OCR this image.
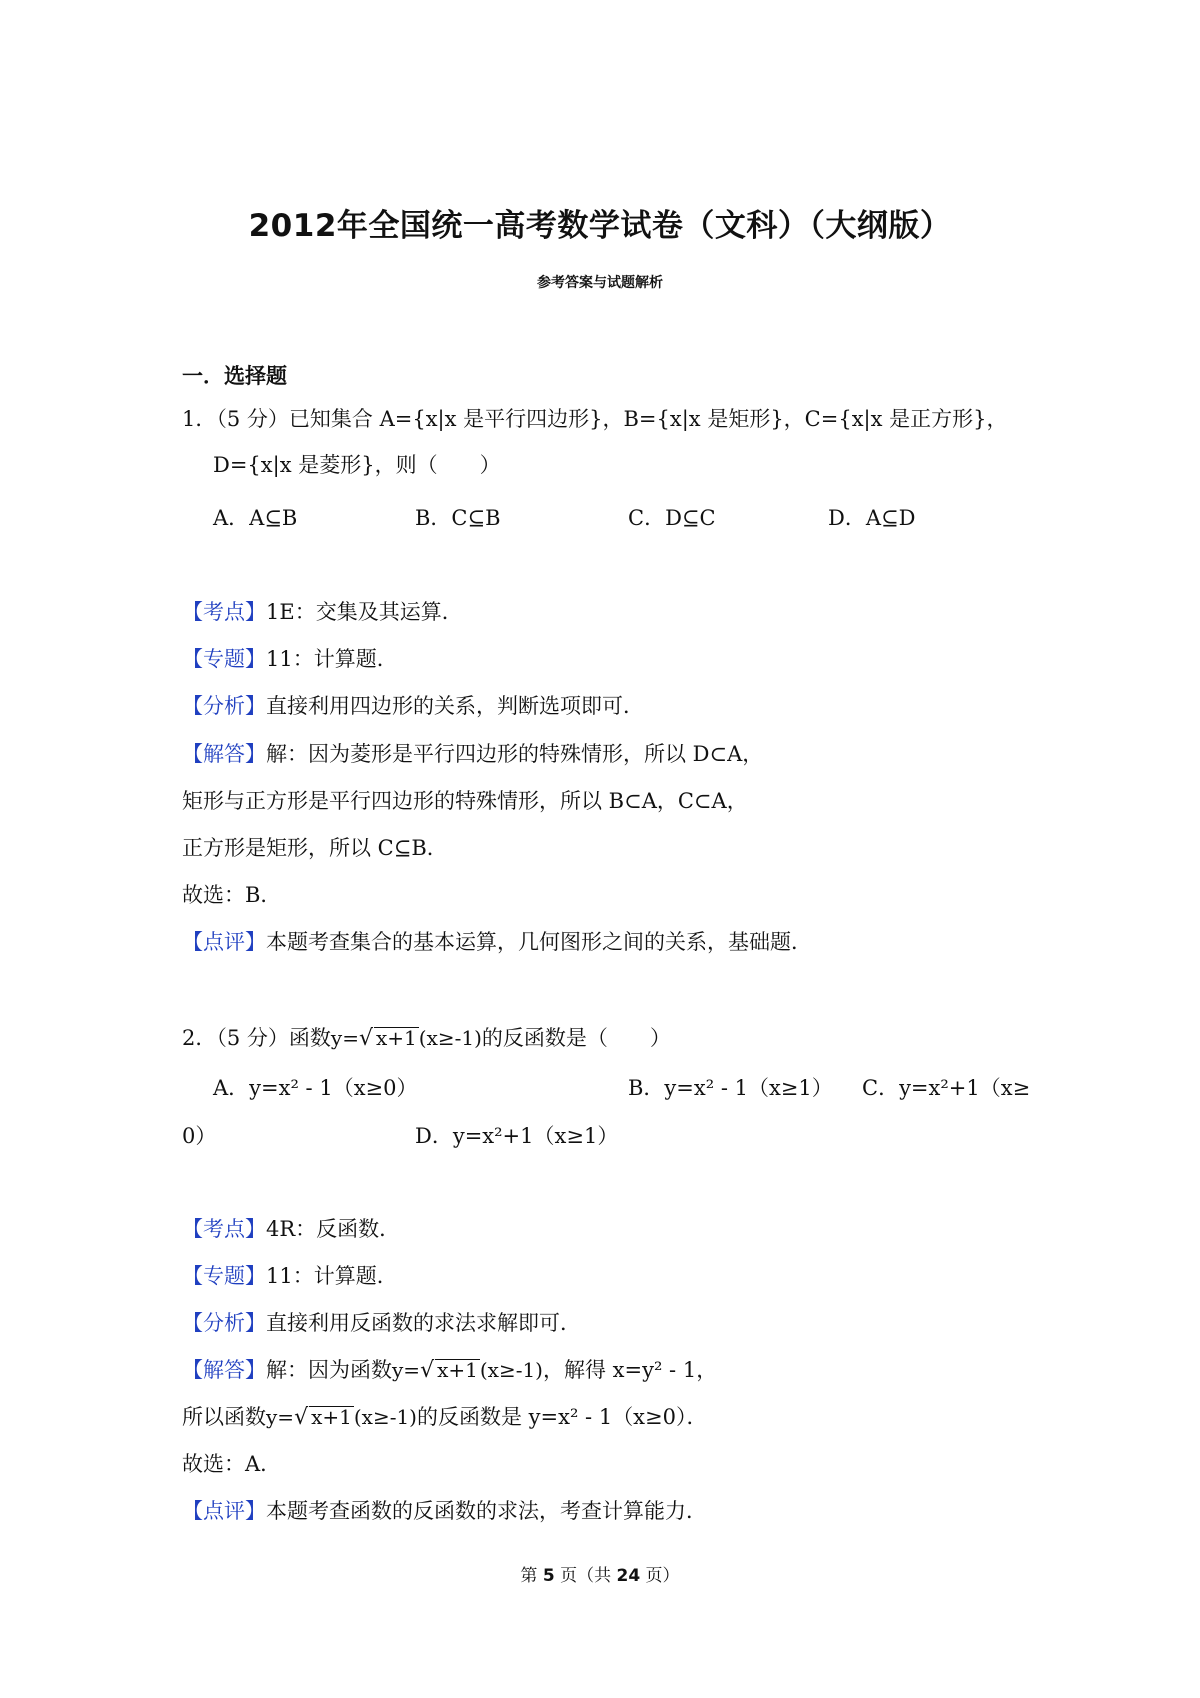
2012年全国统一高考数学试卷（文科）（大纲版）
参考答案与试题解析
一．选择题
1．（5 分）已知集合 A={x|x 是平行四边形}，B={x|x 是矩形}，C={x|x 是正方形}，
D={x|x 是菱形}，则（　　）
A．A⊆B	B．C⊆B	C．D⊆C	D．A⊆D
【考点】1E：交集及其运算．
【专题】11：计算题．
【分析】直接利用四边形的关系，判断选项即可．
【解答】解：因为菱形是平行四边形的特殊情形，所以 D⊂A，
矩形与正方形是平行四边形的特殊情形，所以 B⊂A，C⊂A，
正方形是矩形，所以 C⊆B．
故选：B．
【点评】本题考查集合的基本运算，几何图形之间的关系，基础题．
2．（5 分）函数y=√ x+1 (x≥-1)的反函数是（　　）
A．y=x² - 1（x≥0）	B．y=x² - 1（x≥1） C．y=x²+1（x≥
0）	D．y=x²+1（x≥1）
【考点】4R：反函数．
【专题】11：计算题．
【分析】直接利用反函数的求法求解即可．
【解答】解：因为函数y=√ x+1 (x≥-1)，解得 x=y² - 1，
所以函数y=√ x+1 (x≥-1)的反函数是 y=x² - 1（x≥0）．
故选：A．
【点评】本题考查函数的反函数的求法，考查计算能力．
第 5 页（共 24 页）
